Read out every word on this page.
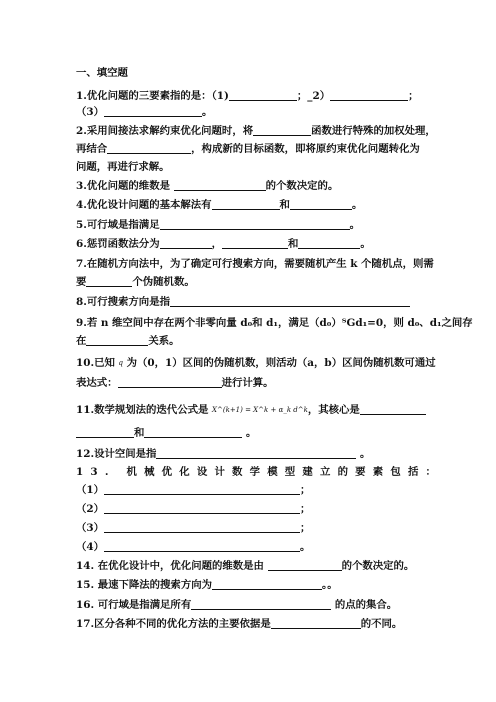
一、填空题
1.优化问题的三要素指的是：（1)	；_2）	；
（3）	。
2.采用间接法求解约束优化问题时，将	函数进行特殊的加权处理，
再结合	，构成新的目标函数，即将原约束优化问题转化为
问题，再进行求解。
3.优化问题的维数是	的个数决定的。
4.优化设计问题的基本解法有	和	。
5.可行域是指满足	。
6.惩罚函数法分为	，	和	。
7.在随机方向法中，为了确定可行搜索方向，需要随机产生 k 个随机点，则需
要	个伪随机数。
8.可行搜索方向是指
9.若 n 维空间中存在两个非零向量 d₀和 d₁，满足（d₀）ᵀGd₁=0，则 d₀、d₁之间存
在	关系。
10.已知 q 为（0，1）区间的伪随机数，则活动（a，b）区间伪随机数可通过
表达式：	进行计算。
11.数学规划法的迭代公式是 X^(k+1) = X^k + α_k d^k，其核心是
和	。
12.设计空间是指	。
13. 机械优化设计数学模型建立的要素包括：
（1）	；
（2）	；
（3）	；
（4）	。
14. 在优化设计中，优化问题的维数是由	的个数决定的。
15. 最速下降法的搜索方向为	。。
16. 可行域是指满足所有	的点的集合。
17.区分各种不同的优化方法的主要依据是	的不同。
